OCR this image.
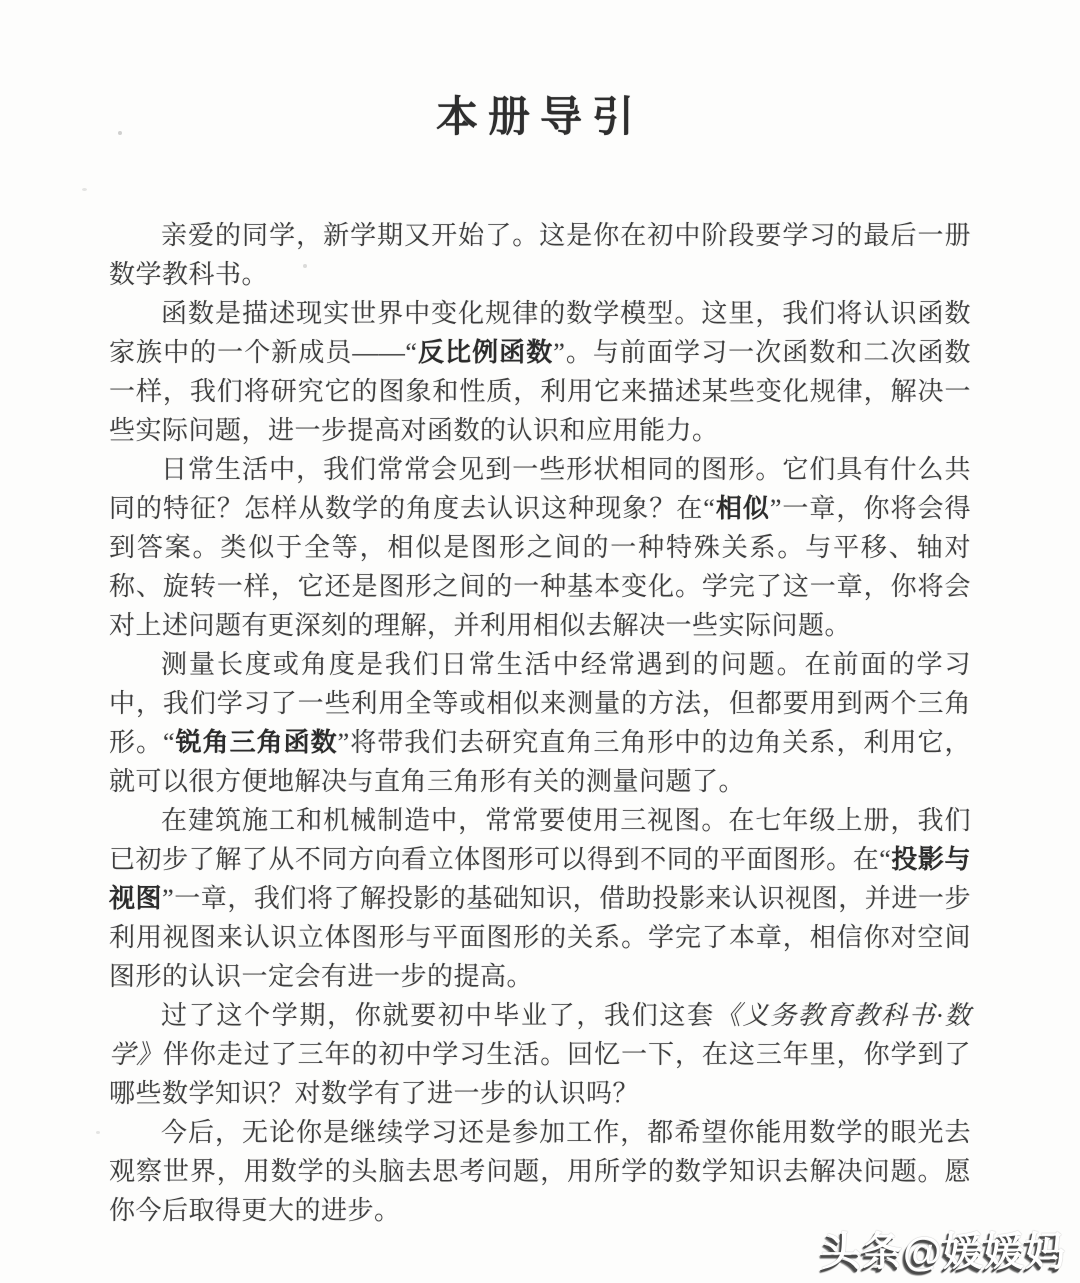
本册导引

亲爱的同学，新学期又开始了。这是你在初中阶段要学习的最后一册数学教科书。

函数是描述现实世界中变化规律的数学模型。这里，我们将认识函数家族中的一个新成员——“反比例函数”。与前面学习一次函数和二次函数一样，我们将研究它的图象和性质，利用它来描述某些变化规律，解决一些实际问题，进一步提高对函数的认识和应用能力。

日常生活中，我们常常会见到一些形状相同的图形。它们具有什么共同的特征？怎样从数学的角度去认识这种现象？在“相似”一章，你将会得到答案。类似于全等，相似是图形之间的一种特殊关系。与平移、轴对称、旋转一样，它还是图形之间的一种基本变化。学完了这一章，你将会对上述问题有更深刻的理解，并利用相似去解决一些实际问题。

测量长度或角度是我们日常生活中经常遇到的问题。在前面的学习中，我们学习了一些利用全等或相似来测量的方法，但都要用到两个三角形。“锐角三角函数”将带我们去研究直角三角形中的边角关系，利用它，就可以很方便地解决与直角三角形有关的测量问题了。

在建筑施工和机械制造中，常常要使用三视图。在七年级上册，我们已初步了解了从不同方向看立体图形可以得到不同的平面图形。在“投影与视图”一章，我们将了解投影的基础知识，借助投影来认识视图，并进一步利用视图来认识立体图形与平面图形的关系。学完了本章，相信你对空间图形的认识一定会有进一步的提高。

过了这个学期，你就要初中毕业了，我们这套《义务教育教科书·数学》伴你走过了三年的初中学习生活。回忆一下，在这三年里，你学到了哪些数学知识？对数学有了进一步的认识吗？

今后，无论你是继续学习还是参加工作，都希望你能用数学的眼光去观察世界，用数学的头脑去思考问题，用所学的数学知识去解决问题。愿你今后取得更大的进步。

头条@媛媛妈
